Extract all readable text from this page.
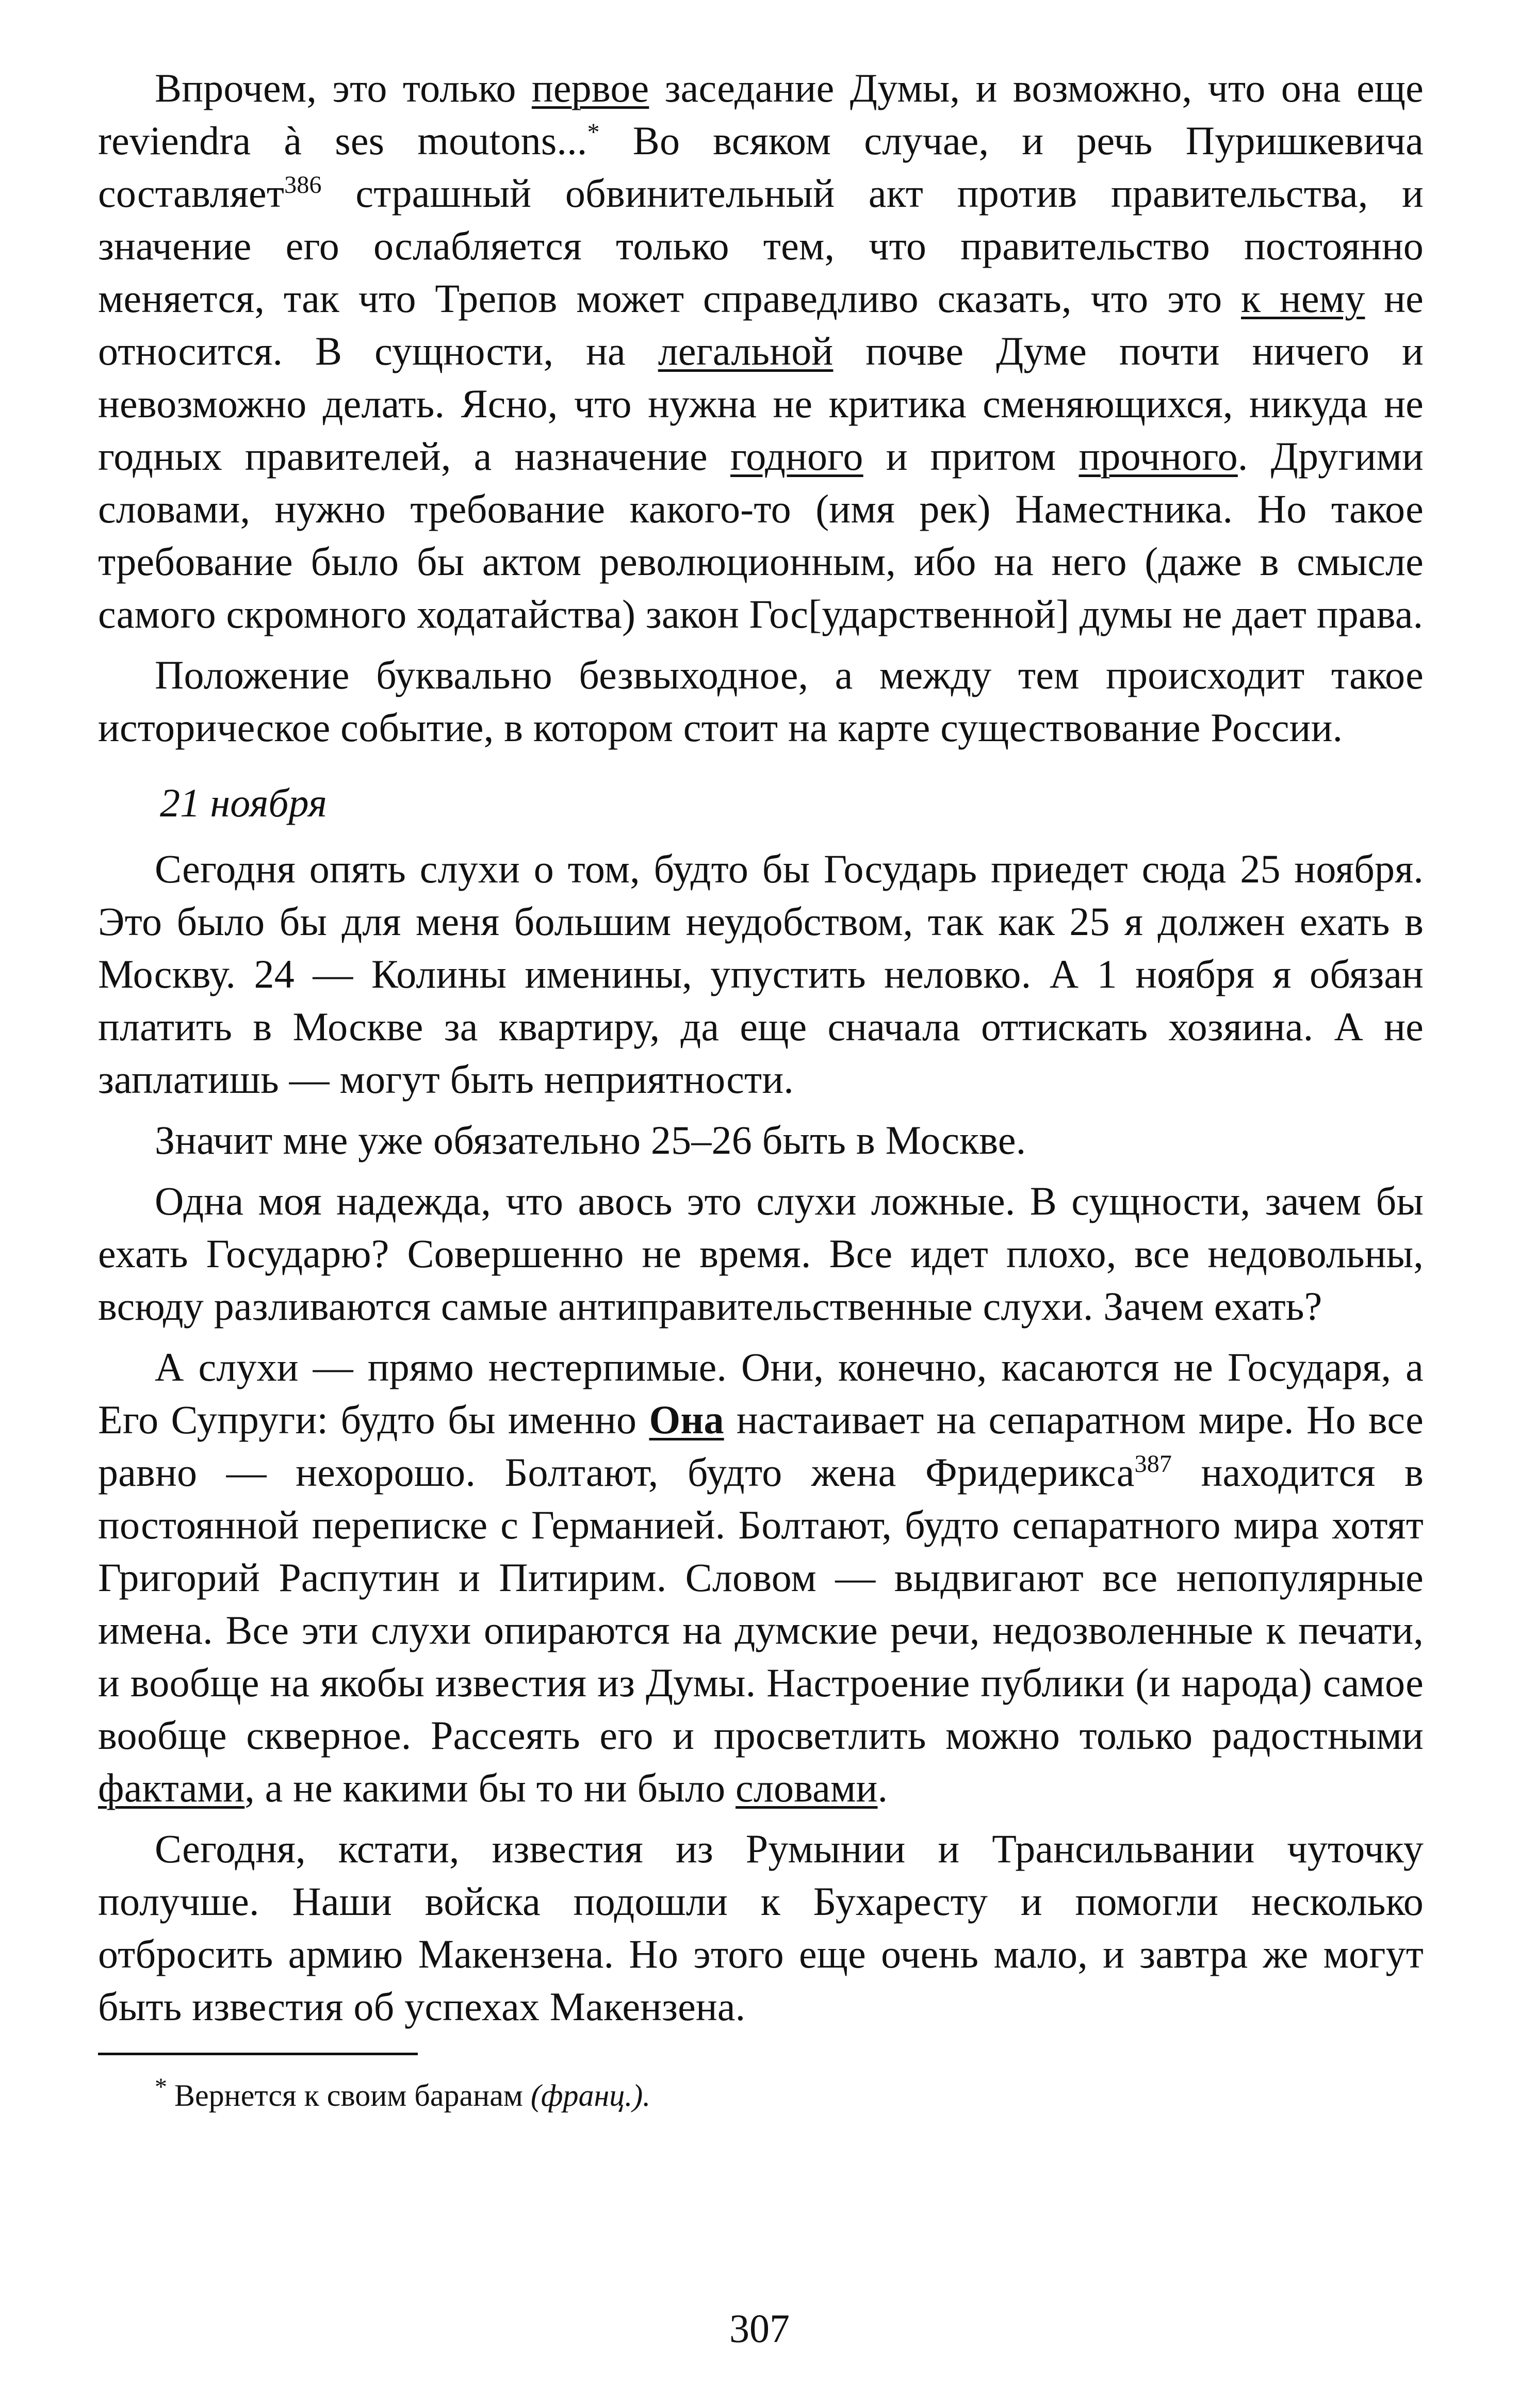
Впрочем, это только первое заседание Думы, и возможно, что она еще reviendra à ses moutons...* Во всяком случае, и речь Пуришкевича составляет$^{386}$ страшный обвинительный акт против правительства, и значение его ослабляется только тем, что правительство постоянно меняется, так что Трепов может справедливо сказать, что это к нему не относится. В сущности, на легальной почве Думе почти ничего и невозможно делать. Ясно, что нужна не критика сменяющихся, никуда не годных правителей, а назначение годного и притом прочного. Другими словами, нужно требование какого-то (имя рек) Наместника. Но такое требование было бы актом революционным, ибо на него (даже в смысле самого скромного ходатайства) закон Гос[ударственной] думы не дает права.

Положение буквально безвыходное, а между тем происходит такое историческое событие, в котором стоит на карте существование России.

21 ноября

Сегодня опять слухи о том, будто бы Государь приедет сюда 25 ноября. Это было бы для меня большим неудобством, так как 25 я должен ехать в Москву. 24 — Колины именины, упустить неловко. А 1 ноября я обязан платить в Москве за квартиру, да еще сначала оттискать хозяина. А не заплатишь — могут быть неприятности.

Значит мне уже обязательно 25–26 быть в Москве.

Одна моя надежда, что авось это слухи ложные. В сущности, зачем бы ехать Государю? Совершенно не время. Все идет плохо, все недовольны, всюду разливаются самые антиправительственные слухи. Зачем ехать?

А слухи — прямо нестерпимые. Они, конечно, касаются не Государя, а Его Супруги: будто бы именно Она настаивает на сепаратном мире. Но все равно — нехорошо. Болтают, будто жена Фридерикса$^{387}$ находится в постоянной переписке с Германией. Болтают, будто сепаратного мира хотят Григорий Распутин и Питирим. Словом — выдвигают все непопулярные имена. Все эти слухи опираются на думские речи, недозволенные к печати, и вообще на якобы известия из Думы. Настроение публики (и народа) самое вообще скверное. Рассеять его и просветлить можно только радостными фактами, а не какими бы то ни было словами.

Сегодня, кстати, известия из Румынии и Трансильвании чуточку получше. Наши войска подошли к Бухаресту и помогли несколько отбросить армию Макензена. Но этого еще очень мало, и завтра же могут быть известия об успехах Макензена.

* Вернется к своим баранам (франц.).
307
